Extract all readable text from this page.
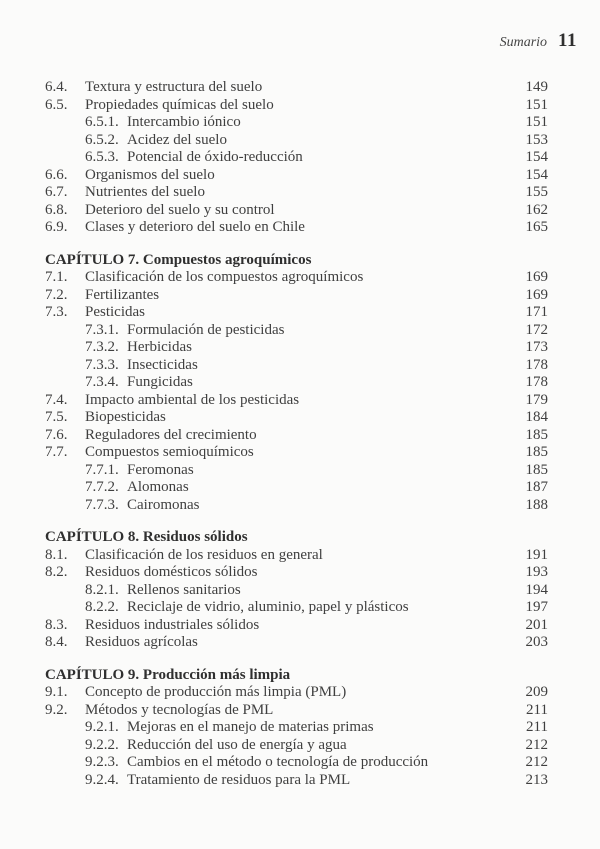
Sumario 11
6.4.	Textura y estructura del suelo	149
6.5.	Propiedades químicas del suelo	151
6.5.1. Intercambio iónico	151
6.5.2. Acidez del suelo	153
6.5.3. Potencial de óxido-reducción	154
6.6.	Organismos del suelo	154
6.7.	Nutrientes del suelo	155
6.8.	Deterioro del suelo y su control	162
6.9.	Clases y deterioro del suelo en Chile	165
CAPÍTULO 7. Compuestos agroquímicos
7.1.	Clasificación de los compuestos agroquímicos	169
7.2.	Fertilizantes	169
7.3.	Pesticidas	171
7.3.1. Formulación de pesticidas	172
7.3.2. Herbicidas	173
7.3.3. Insecticidas	178
7.3.4. Fungicidas	178
7.4.	Impacto ambiental de los pesticidas	179
7.5.	Biopesticidas	184
7.6.	Reguladores del crecimiento	185
7.7.	Compuestos semioquímicos	185
7.7.1. Feromonas	185
7.7.2. Alomonas	187
7.7.3. Cairomonas	188
CAPÍTULO 8. Residuos sólidos
8.1.	Clasificación de los residuos en general	191
8.2.	Residuos domésticos sólidos	193
8.2.1. Rellenos sanitarios	194
8.2.2. Reciclaje de vidrio, aluminio, papel y plásticos	197
8.3.	Residuos industriales sólidos	201
8.4.	Residuos agrícolas	203
CAPÍTULO 9. Producción más limpia
9.1.	Concepto de producción más limpia (PML)	209
9.2.	Métodos y tecnologías de PML	211
9.2.1. Mejoras en el manejo de materias primas	211
9.2.2. Reducción del uso de energía y agua	212
9.2.3. Cambios en el método o tecnología de producción	212
9.2.4. Tratamiento de residuos para la PML	213
